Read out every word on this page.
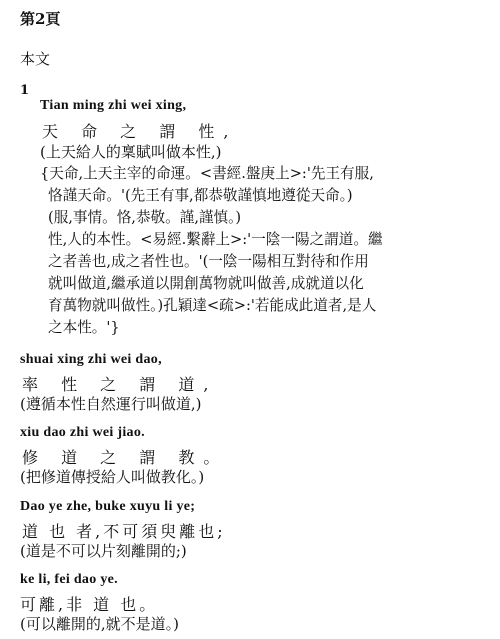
第2頁
本文
1
Tian ming zhi wei xing,
天 命 之 謂 性,
(上天給人的稟賦叫做本性,)
{天命,上天主宰的命運。<書經.盤庚上>:'先王有服,
恪謹天命。'(先王有事,都恭敬謹慎地遵從天命。)
(服,事情。恪,恭敬。謹,謹慎。)
性,人的本性。<易經.繫辭上>:'一陰一陽之謂道。繼
之者善也,成之者性也。'(一陰一陽相互對待和作用
就叫做道,繼承道以開創萬物就叫做善,成就道以化
育萬物就叫做性。)孔穎達<疏>:'若能成此道者,是人
之本性。'}
shuai xing zhi wei dao,
率 性 之 謂 道,
(遵循本性自然運行叫做道,)
xiu dao zhi wei jiao.
修 道 之 謂 教。
(把修道傳授給人叫做教化。)
Dao ye zhe, buke xuyu li ye;
道 也 者,不可須臾離也;
(道是不可以片刻離開的;)
ke li, fei dao ye.
可離,非 道 也。
(可以離開的,就不是道。)
